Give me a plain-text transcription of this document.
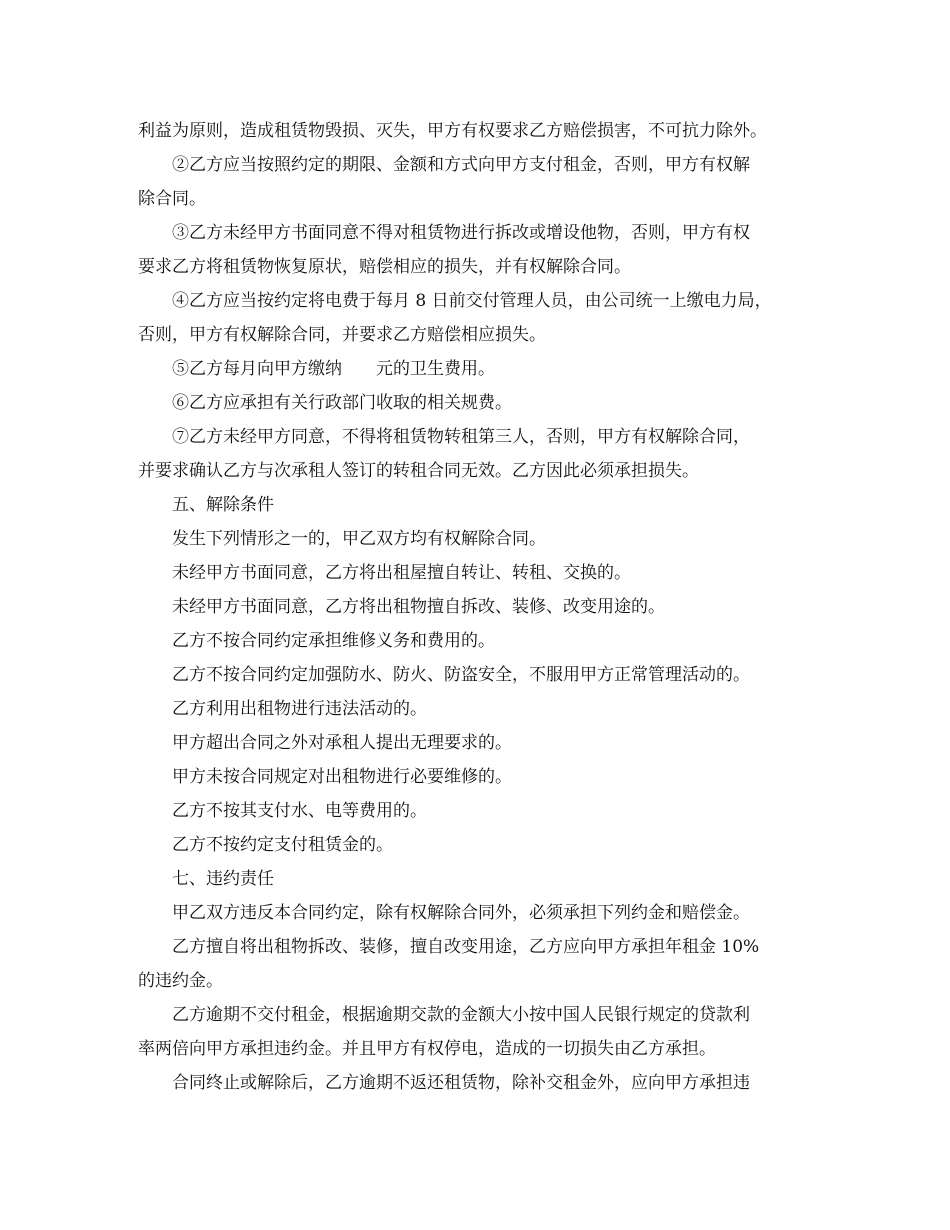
利益为原则，造成租赁物毁损、灭失，甲方有权要求乙方赔偿损害，不可抗力除外。
②乙方应当按照约定的期限、金额和方式向甲方支付租金，否则，甲方有权解
除合同。
③乙方未经甲方书面同意不得对租赁物进行拆改或增设他物，否则，甲方有权
要求乙方将租赁物恢复原状，赔偿相应的损失，并有权解除合同。
④乙方应当按约定将电费于每月 8 日前交付管理人员，由公司统一上缴电力局，
否则，甲方有权解除合同，并要求乙方赔偿相应损失。
⑤乙方每月向甲方缴纳　　元的卫生费用。
⑥乙方应承担有关行政部门收取的相关规费。
⑦乙方未经甲方同意，不得将租赁物转租第三人，否则，甲方有权解除合同，
并要求确认乙方与次承租人签订的转租合同无效。乙方因此必须承担损失。
五、解除条件
发生下列情形之一的，甲乙双方均有权解除合同。
未经甲方书面同意，乙方将出租屋擅自转让、转租、交换的。
未经甲方书面同意，乙方将出租物擅自拆改、装修、改变用途的。
乙方不按合同约定承担维修义务和费用的。
乙方不按合同约定加强防水、防火、防盗安全，不服用甲方正常管理活动的。
乙方利用出租物进行违法活动的。
甲方超出合同之外对承租人提出无理要求的。
甲方未按合同规定对出租物进行必要维修的。
乙方不按其支付水、电等费用的。
乙方不按约定支付租赁金的。
七、违约责任
甲乙双方违反本合同约定，除有权解除合同外，必须承担下列约金和赔偿金。
乙方擅自将出租物拆改、装修，擅自改变用途，乙方应向甲方承担年租金 10%
的违约金。
乙方逾期不交付租金，根据逾期交款的金额大小按中国人民银行规定的贷款利
率两倍向甲方承担违约金。并且甲方有权停电，造成的一切损失由乙方承担。
合同终止或解除后，乙方逾期不返还租赁物，除补交租金外，应向甲方承担违
